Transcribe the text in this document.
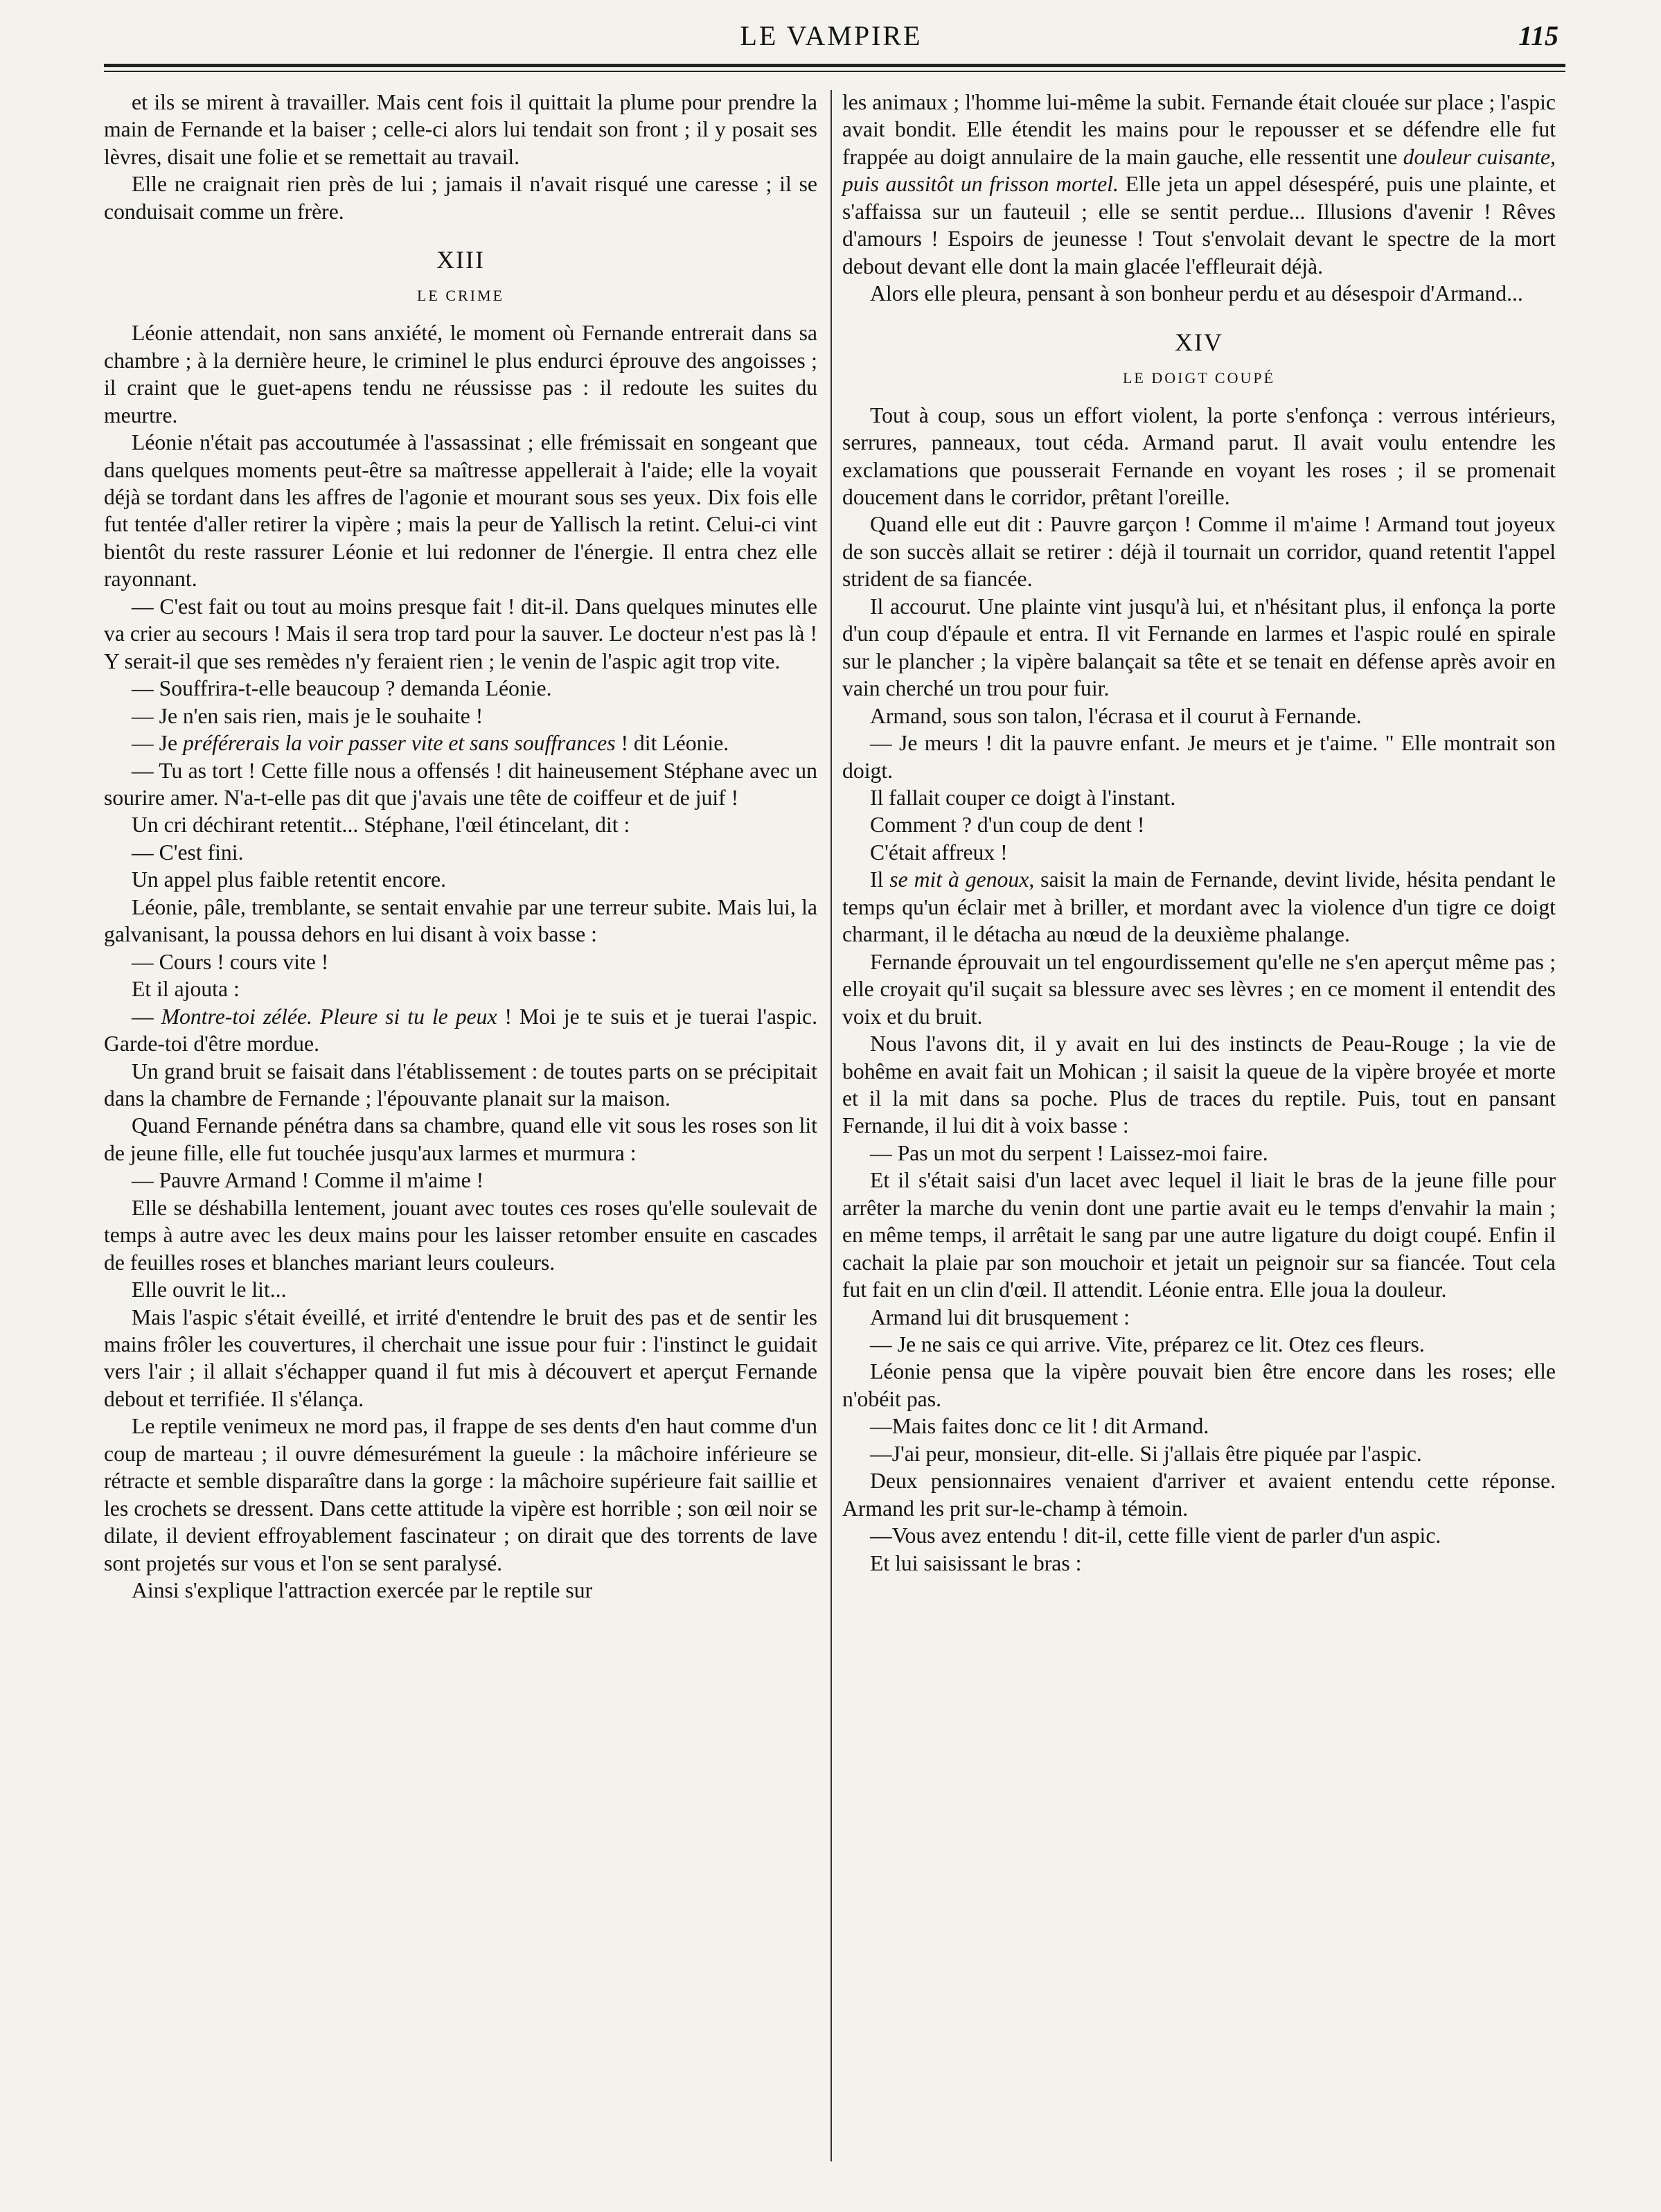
LE VAMPIRE	115

et ils se mirent à travailler. Mais cent fois il quittait la plume pour prendre la main de Fernande et la baiser ; celle-ci alors lui tendait son front ; il y posait ses lèvres, disait une folie et se remettait au travail.

Elle ne craignait rien près de lui ; jamais il n'avait risqué une caresse ; il se conduisait comme un frère.

XIII
LE CRIME

Léonie attendait, non sans anxiété, le moment où Fernande entrerait dans sa chambre ; à la dernière heure, le criminel le plus endurci éprouve des angoisses ; il craint que le guet-apens tendu ne réussisse pas : il redoute les suites du meurtre.

Léonie n'était pas accoutumée à l'assassinat ; elle frémissait en songeant que dans quelques moments peut-être sa maîtresse appellerait à l'aide; elle la voyait déjà se tordant dans les affres de l'agonie et mourant sous ses yeux. Dix fois elle fut tentée d'aller retirer la vipère ; mais la peur de Yallisch la retint. Celui-ci vint bientôt du reste rassurer Léonie et lui redonner de l'énergie. Il entra chez elle rayonnant.

— C'est fait ou tout au moins presque fait ! dit-il. Dans quelques minutes elle va crier au secours ! Mais il sera trop tard pour la sauver. Le docteur n'est pas là ! Y serait-il que ses remèdes n'y feraient rien ; le venin de l'aspic agit trop vite.

— Souffrira-t-elle beaucoup ? demanda Léonie.

— Je n'en sais rien, mais je le souhaite !

— Je préférerais la voir passer vite et sans souffrances ! dit Léonie.

— Tu as tort ! Cette fille nous a offensés ! dit haineusement Stéphane avec un sourire amer. N'a-t-elle pas dit que j'avais une tête de coiffeur et de juif !

Un cri déchirant retentit... Stéphane, l'œil étincelant, dit :

— C'est fini.

Un appel plus faible retentit encore.

Léonie, pâle, tremblante, se sentait envahie par une terreur subite. Mais lui, la galvanisant, la poussa dehors en lui disant à voix basse :

— Cours ! cours vite !

Et il ajouta :

— Montre-toi zélée. Pleure si tu le peux ! Moi je te suis et je tuerai l'aspic. Garde-toi d'être mordue.

Un grand bruit se faisait dans l'établissement : de toutes parts on se précipitait dans la chambre de Fernande ; l'épouvante planait sur la maison.

Quand Fernande pénétra dans sa chambre, quand elle vit sous les roses son lit de jeune fille, elle fut touchée jusqu'aux larmes et murmura :

— Pauvre Armand ! Comme il m'aime !

Elle se déshabilla lentement, jouant avec toutes ces roses qu'elle soulevait de temps à autre avec les deux mains pour les laisser retomber ensuite en cascades de feuilles roses et blanches mariant leurs couleurs.

Elle ouvrit le lit...

Mais l'aspic s'était éveillé, et irrité d'entendre le bruit des pas et de sentir les mains frôler les couvertures, il cherchait une issue pour fuir : l'instinct le guidait vers l'air ; il allait s'échapper quand il fut mis à découvert et aperçut Fernande debout et terrifiée. Il s'élança.

Le reptile venimeux ne mord pas, il frappe de ses dents d'en haut comme d'un coup de marteau ; il ouvre démesurément la gueule : la mâchoire inférieure se rétracte et semble disparaître dans la gorge : la mâchoire supérieure fait saillie et les crochets se dressent. Dans cette attitude la vipère est horrible ; son œil noir se dilate, il devient effroyablement fascinateur ; on dirait que des torrents de lave sont projetés sur vous et l'on se sent paralysé.

Ainsi s'explique l'attraction exercée par le reptile sur

les animaux ; l'homme lui-même la subit. Fernande était clouée sur place ; l'aspic avait bondit. Elle étendit les mains pour le repousser et se défendre elle fut frappée au doigt annulaire de la main gauche, elle ressentit une douleur cuisante, puis aussitôt un frisson mortel. Elle jeta un appel désespéré, puis une plainte, et s'affaissa sur un fauteuil ; elle se sentit perdue... Illusions d'avenir ! Rêves d'amours ! Espoirs de jeunesse ! Tout s'envolait devant le spectre de la mort debout devant elle dont la main glacée l'effleurait déjà.

Alors elle pleura, pensant à son bonheur perdu et au désespoir d'Armand...

XIV
LE DOIGT COUPÉ

Tout à coup, sous un effort violent, la porte s'enfonça : verrous intérieurs, serrures, panneaux, tout céda. Armand parut. Il avait voulu entendre les exclamations que pousserait Fernande en voyant les roses ; il se promenait doucement dans le corridor, prêtant l'oreille.

Quand elle eut dit : Pauvre garçon ! Comme il m'aime ! Armand tout joyeux de son succès allait se retirer : déjà il tournait un corridor, quand retentit l'appel strident de sa fiancée.

Il accourut. Une plainte vint jusqu'à lui, et n'hésitant plus, il enfonça la porte d'un coup d'épaule et entra. Il vit Fernande en larmes et l'aspic roulé en spirale sur le plancher ; la vipère balançait sa tête et se tenait en défense après avoir en vain cherché un trou pour fuir.

Armand, sous son talon, l'écrasa et il courut à Fernande.

— Je meurs ! dit la pauvre enfant. Je meurs et je t'aime. " Elle montrait son doigt.

Il fallait couper ce doigt à l'instant.

Comment ? d'un coup de dent !

C'était affreux !

Il se mit à genoux, saisit la main de Fernande, devint livide, hésita pendant le temps qu'un éclair met à briller, et mordant avec la violence d'un tigre ce doigt charmant, il le détacha au nœud de la deuxième phalange.

Fernande éprouvait un tel engourdissement qu'elle ne s'en aperçut même pas ; elle croyait qu'il suçait sa blessure avec ses lèvres ; en ce moment il entendit des voix et du bruit.

Nous l'avons dit, il y avait en lui des instincts de Peau-Rouge ; la vie de bohême en avait fait un Mohican ; il saisit la queue de la vipère broyée et morte et il la mit dans sa poche. Plus de traces du reptile. Puis, tout en pansant Fernande, il lui dit à voix basse :

— Pas un mot du serpent ! Laissez-moi faire.

Et il s'était saisi d'un lacet avec lequel il liait le bras de la jeune fille pour arrêter la marche du venin dont une partie avait eu le temps d'envahir la main ; en même temps, il arrêtait le sang par une autre ligature du doigt coupé. Enfin il cachait la plaie par son mouchoir et jetait un peignoir sur sa fiancée. Tout cela fut fait en un clin d'œil. Il attendit. Léonie entra. Elle joua la douleur.

Armand lui dit brusquement :

— Je ne sais ce qui arrive. Vite, préparez ce lit. Otez ces fleurs.

Léonie pensa que la vipère pouvait bien être encore dans les roses; elle n'obéit pas.

—Mais faites donc ce lit ! dit Armand.

—J'ai peur, monsieur, dit-elle. Si j'allais être piquée par l'aspic.

Deux pensionnaires venaient d'arriver et avaient entendu cette réponse. Armand les prit sur-le-champ à témoin.

—Vous avez entendu ! dit-il, cette fille vient de parler d'un aspic.

Et lui saisissant le bras :
